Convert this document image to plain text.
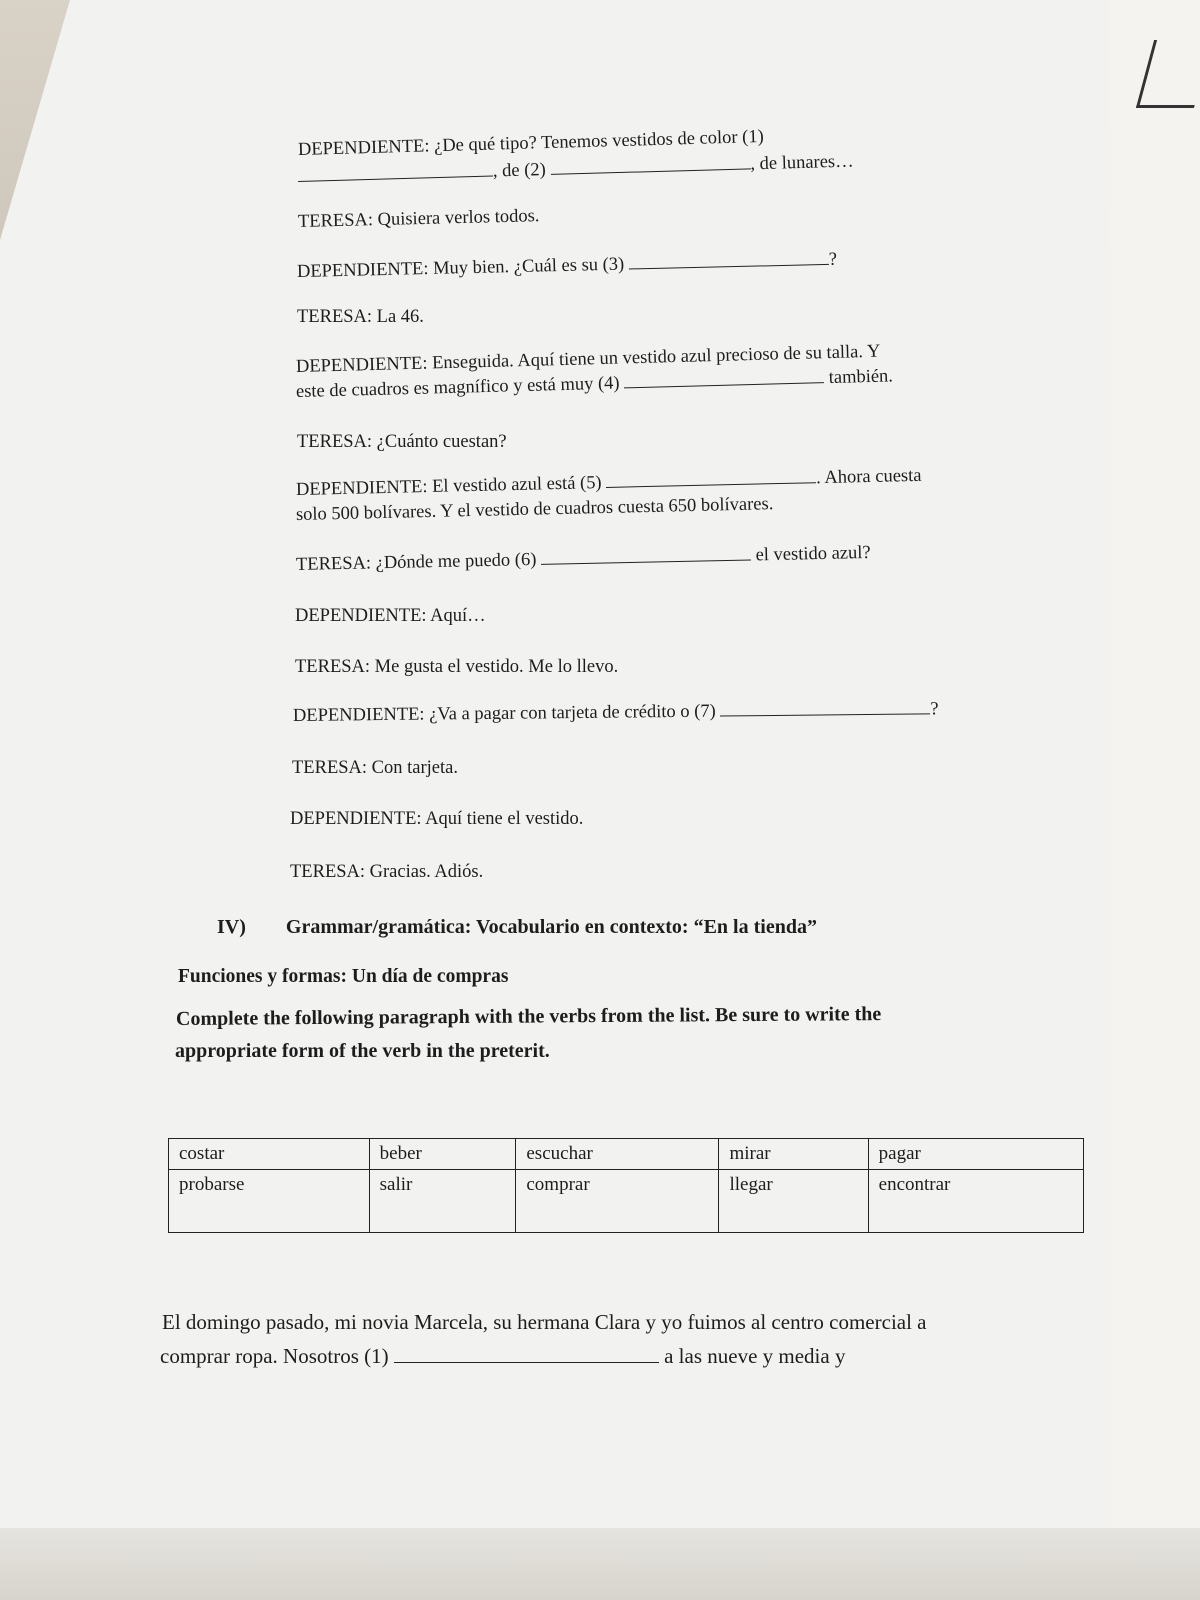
DEPENDIENTE: ¿De qué tipo? Tenemos vestidos de color (1)
, de (2)	, de lunares…
TERESA: Quisiera verlos todos.
DEPENDIENTE: Muy bien. ¿Cuál es su (3)	?
TERESA: La 46.
DEPENDIENTE: Enseguida. Aquí tiene un vestido azul precioso de su talla. Y
este de cuadros es magnífico y está muy (4)	también.
TERESA: ¿Cuánto cuestan?
DEPENDIENTE: El vestido azul está (5)	. Ahora cuesta
solo 500 bolívares. Y el vestido de cuadros cuesta 650 bolívares.
TERESA: ¿Dónde me puedo (6)	el vestido azul?
DEPENDIENTE: Aquí…
TERESA: Me gusta el vestido. Me lo llevo.
DEPENDIENTE: ¿Va a pagar con tarjeta de crédito o (7)	?
TERESA: Con tarjeta.
DEPENDIENTE: Aquí tiene el vestido.
TERESA: Gracias. Adiós.
IV) Grammar/gramática: Vocabulario en contexto: “En la tienda”
Funciones y formas: Un día de compras
Complete the following paragraph with the verbs from the list. Be sure to write the
appropriate form of the verb in the preterit.
costar	beber	escuchar	mirar	pagar
probarse	salir	comprar	llegar	encontrar
El domingo pasado, mi novia Marcela, su hermana Clara y yo fuimos al centro comercial a
comprar ropa. Nosotros (1)	a las nueve y media y
